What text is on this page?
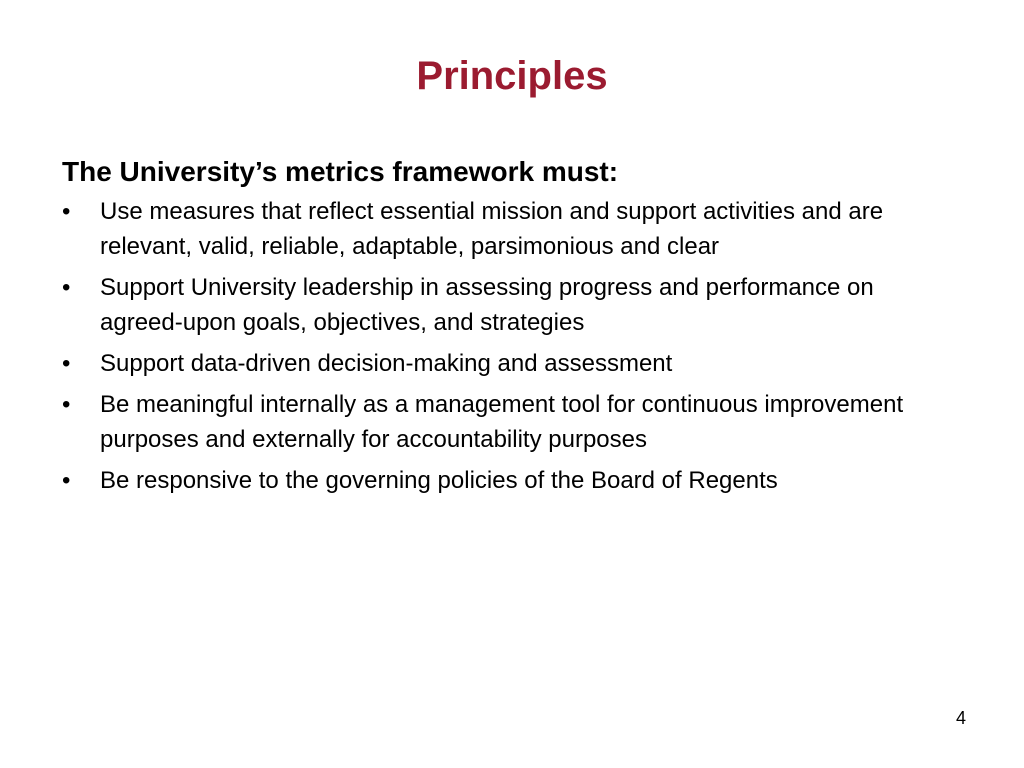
Principles

The University’s metrics framework must:

•	Use measures that reflect essential mission and support activities and are relevant, valid, reliable, adaptable, parsimonious and clear
•	Support University leadership in assessing progress and performance on agreed-upon goals, objectives, and strategies
•	Support data-driven decision-making and assessment
•	Be meaningful internally as a management tool for continuous improvement purposes and externally for accountability purposes
•	Be responsive to the governing policies of the Board of Regents
4
